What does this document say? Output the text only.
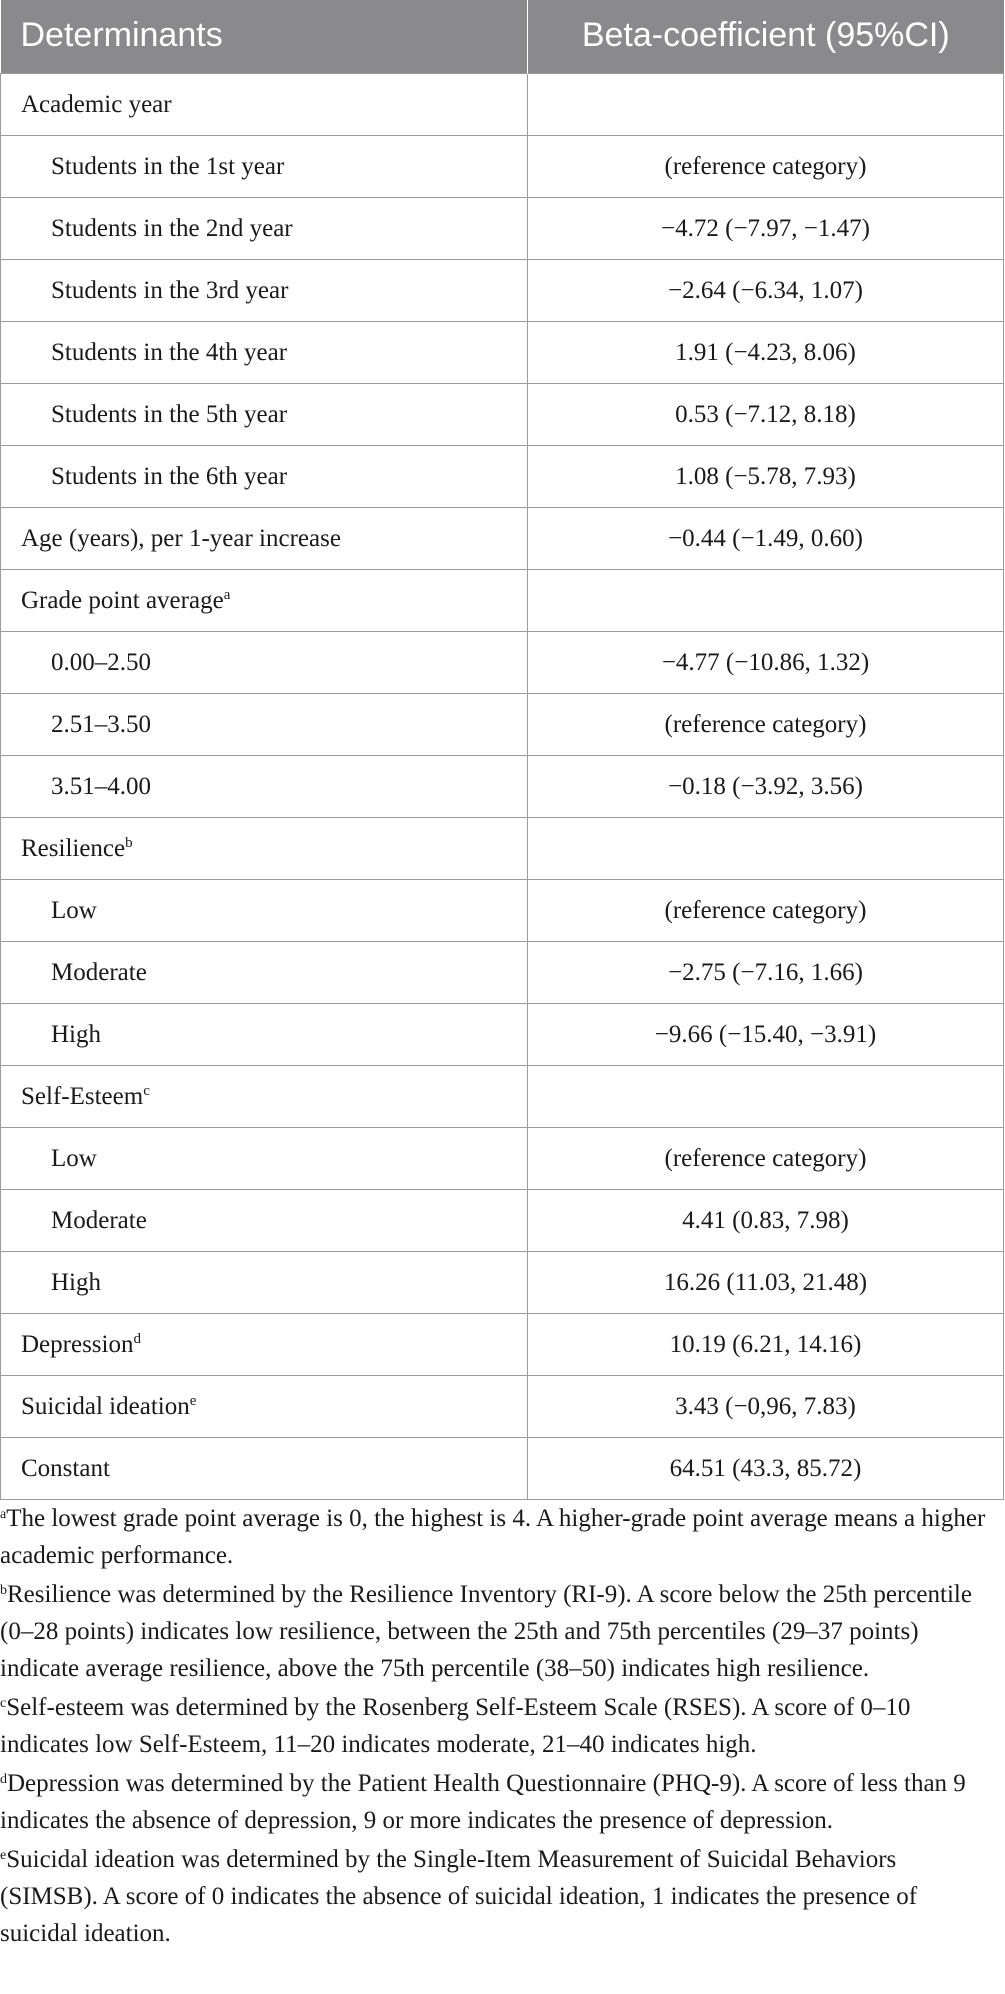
Determinants	Beta-coefficient (95%CI)
Academic year	
Students in the 1st year	(reference category)
Students in the 2nd year	−4.72 (−7.97, −1.47)
Students in the 3rd year	−2.64 (−6.34, 1.07)
Students in the 4th year	1.91 (−4.23, 8.06)
Students in the 5th year	0.53 (−7.12, 8.18)
Students in the 6th year	1.08 (−5.78, 7.93)
Age (years), per 1-year increase	−0.44 (−1.49, 0.60)
Grade point average$^a$	
0.00–2.50	−4.77 (−10.86, 1.32)
2.51–3.50	(reference category)
3.51–4.00	−0.18 (−3.92, 3.56)
Resilience$^b$	
Low	(reference category)
Moderate	−2.75 (−7.16, 1.66)
High	−9.66 (−15.40, −3.91)
Self-Esteem$^c$	
Low	(reference category)
Moderate	4.41 (0.83, 7.98)
High	16.26 (11.03, 21.48)
Depression$^d$	10.19 (6.21, 14.16)
Suicidal ideation$^e$	3.43 (−0,96, 7.83)
Constant	64.51 (43.3, 85.72)

$^a$The lowest grade point average is 0, the highest is 4. A higher-grade point average means a higher academic performance.

$^b$Resilience was determined by the Resilience Inventory (RI-9). A score below the 25th percentile (0–28 points) indicates low resilience, between the 25th and 75th percentiles (29–37 points) indicate average resilience, above the 75th percentile (38–50) indicates high resilience.

$^c$Self-esteem was determined by the Rosenberg Self-Esteem Scale (RSES). A score of 0–10 indicates low Self-Esteem, 11–20 indicates moderate, 21–40 indicates high.

$^d$Depression was determined by the Patient Health Questionnaire (PHQ-9). A score of less than 9 indicates the absence of depression, 9 or more indicates the presence of depression.

$^e$Suicidal ideation was determined by the Single-Item Measurement of Suicidal Behaviors (SIMSB). A score of 0 indicates the absence of suicidal ideation, 1 indicates the presence of suicidal ideation.
